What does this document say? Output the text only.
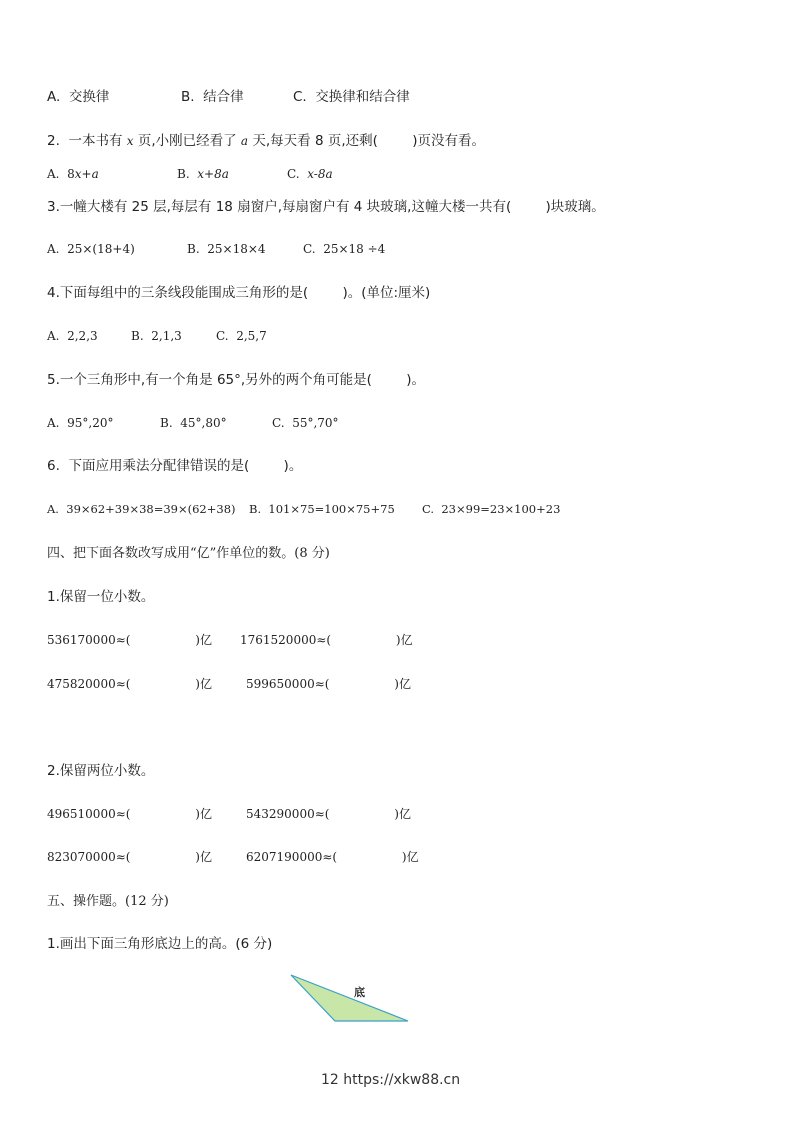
A.  交换律	B.  结合律	C.  交换律和结合律
2.  一本书有 x 页,小刚已经看了 a 天,每天看 8 页,还剩(        )页没有看。
A.  8x+a	B.  x+8a	C.  x-8a
3.一幢大楼有 25 层,每层有 18 扇窗户,每扇窗户有 4 块玻璃,这幢大楼一共有(        )块玻璃。
A.  25×(18+4)	B.  25×18×4	C.  25×18 ÷4
4.下面每组中的三条线段能围成三角形的是(        )。(单位:厘米)
A.  2,2,3	B.  2,1,3	C.  2,5,7
5.一个三角形中,有一个角是 65°,另外的两个角可能是(        )。
A.  95°,20°	B.  45°,80°	C.  55°,70°
6.  下面应用乘法分配律错误的是(        )。
A.  39×62+39×38=39×(62+38) B.  101×75=100×75+75 C.  23×99=23×100+23
四、把下面各数改写成用“亿”作单位的数。(8 分)
1.保留一位小数。
536170000≈(                 )亿 1761520000≈(                 )亿
475820000≈(                 )亿	599650000≈(                 )亿
2.保留两位小数。
496510000≈(                 )亿	543290000≈(                 )亿
823070000≈(                 )亿	6207190000≈(                 )亿
五、操作题。(12 分)
1.画出下面三角形底边上的高。(6 分)
底
12 https://xkw88.cn
